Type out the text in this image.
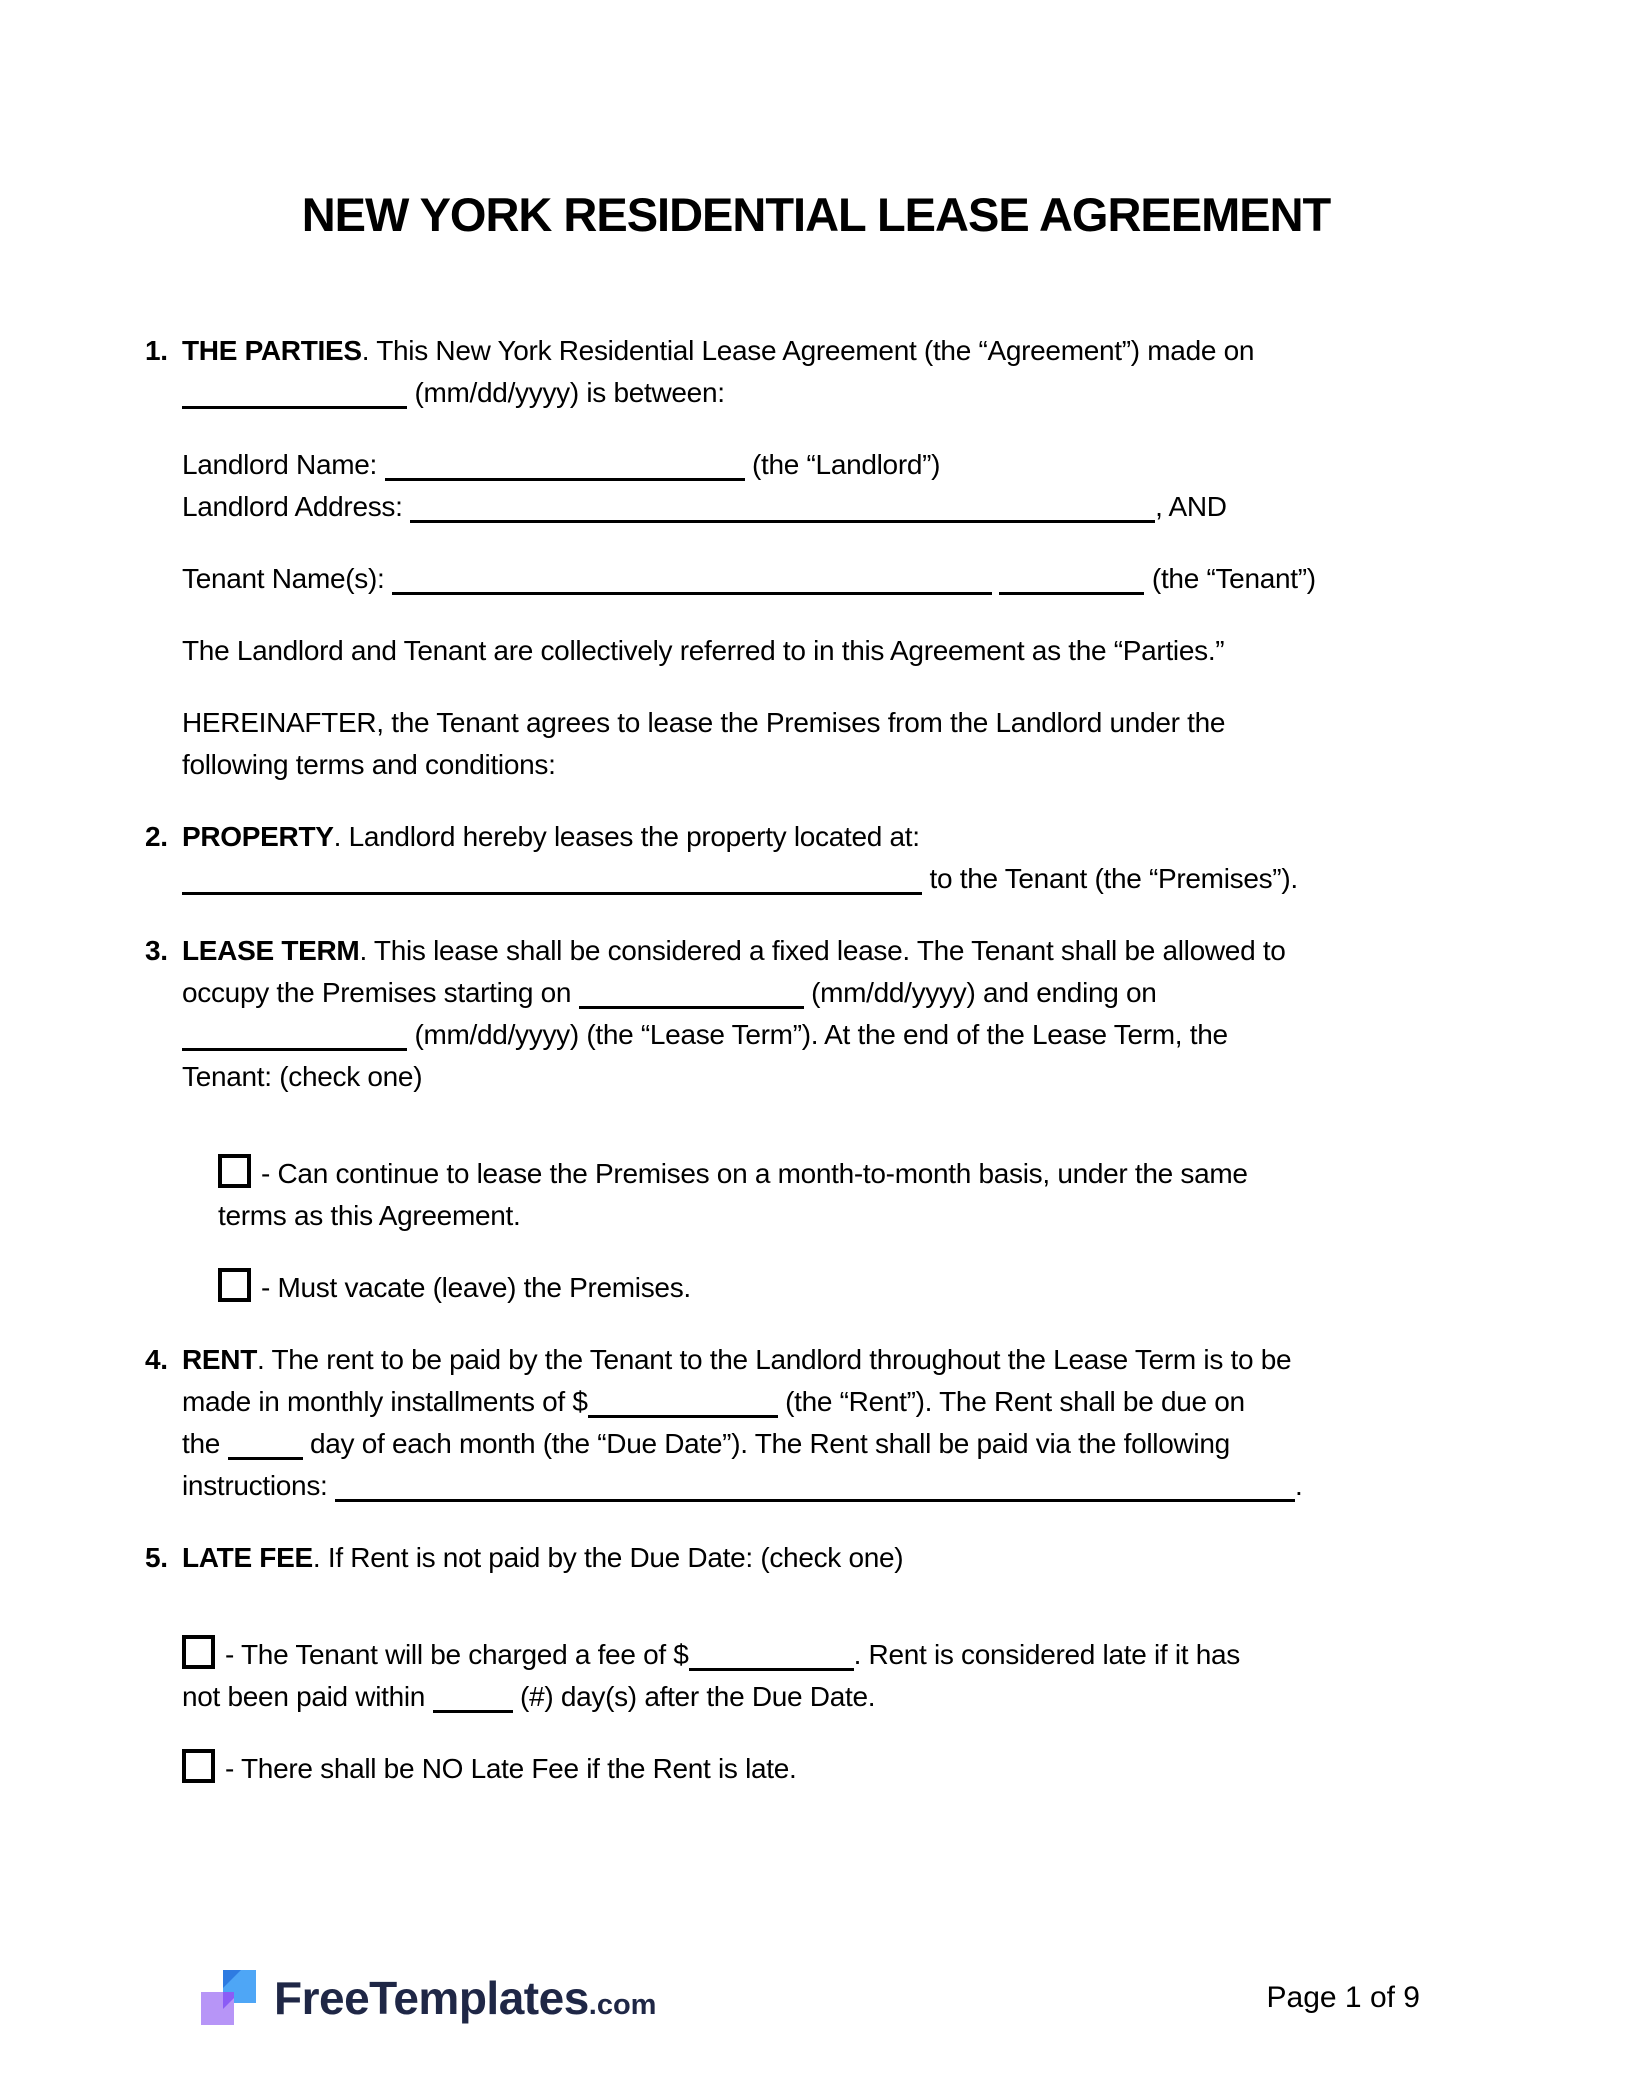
NEW YORK RESIDENTIAL LEASE AGREEMENT
1. THE PARTIES. This New York Residential Lease Agreement (the “Agreement”) made on
(mm/dd/yyyy) is between:
Landlord Name:	(the “Landlord”)
Landlord Address:	, AND
Tenant Name(s):	(the “Tenant”)
The Landlord and Tenant are collectively referred to in this Agreement as the “Parties.”
HEREINAFTER, the Tenant agrees to lease the Premises from the Landlord under the
following terms and conditions:
2. PROPERTY. Landlord hereby leases the property located at:
to the Tenant (the “Premises”).
3. LEASE TERM. This lease shall be considered a fixed lease. The Tenant shall be allowed to
occupy the Premises starting on	(mm/dd/yyyy) and ending on
(mm/dd/yyyy) (the “Lease Term”). At the end of the Lease Term, the
Tenant: (check one)
- Can continue to lease the Premises on a month-to-month basis, under the same
terms as this Agreement.
- Must vacate (leave) the Premises.
4. RENT. The rent to be paid by the Tenant to the Landlord throughout the Lease Term is to be
made in monthly installments of $	(the “Rent”). The Rent shall be due on
the	day of each month (the “Due Date”). The Rent shall be paid via the following
instructions:	.
5. LATE FEE. If Rent is not paid by the Due Date: (check one)
- The Tenant will be charged a fee of $	. Rent is considered late if it has
not been paid within	(#) day(s) after the Due Date.
- There shall be NO Late Fee if the Rent is late.
FreeTemplates .com	Page 1 of 9
